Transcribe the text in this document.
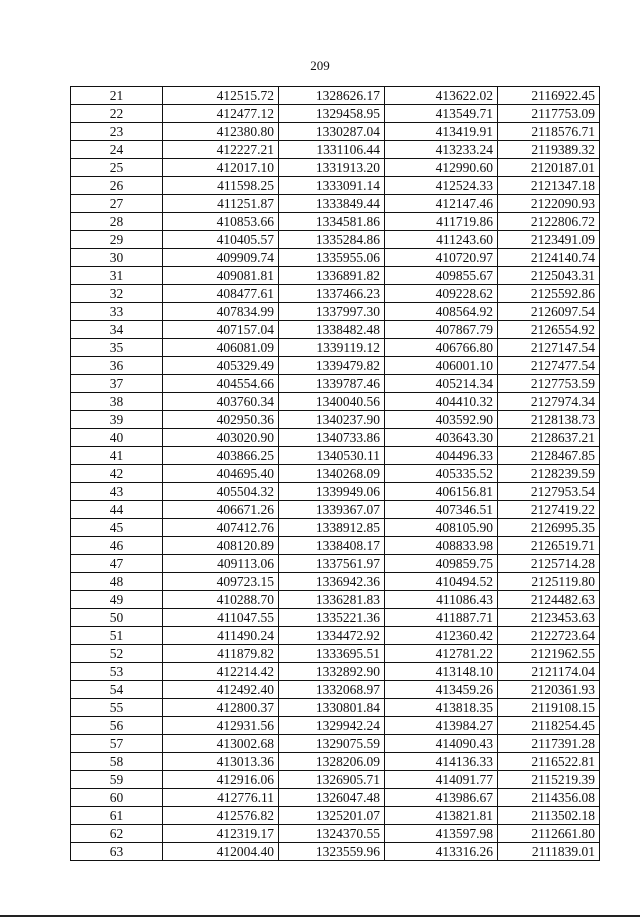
209
21	412515.72	1328626.17	413622.02	2116922.45
22	412477.12	1329458.95	413549.71	2117753.09
23	412380.80	1330287.04	413419.91	2118576.71
24	412227.21	1331106.44	413233.24	2119389.32
25	412017.10	1331913.20	412990.60	2120187.01
26	411598.25	1333091.14	412524.33	2121347.18
27	411251.87	1333849.44	412147.46	2122090.93
28	410853.66	1334581.86	411719.86	2122806.72
29	410405.57	1335284.86	411243.60	2123491.09
30	409909.74	1335955.06	410720.97	2124140.74
31	409081.81	1336891.82	409855.67	2125043.31
32	408477.61	1337466.23	409228.62	2125592.86
33	407834.99	1337997.30	408564.92	2126097.54
34	407157.04	1338482.48	407867.79	2126554.92
35	406081.09	1339119.12	406766.80	2127147.54
36	405329.49	1339479.82	406001.10	2127477.54
37	404554.66	1339787.46	405214.34	2127753.59
38	403760.34	1340040.56	404410.32	2127974.34
39	402950.36	1340237.90	403592.90	2128138.73
40	403020.90	1340733.86	403643.30	2128637.21
41	403866.25	1340530.11	404496.33	2128467.85
42	404695.40	1340268.09	405335.52	2128239.59
43	405504.32	1339949.06	406156.81	2127953.54
44	406671.26	1339367.07	407346.51	2127419.22
45	407412.76	1338912.85	408105.90	2126995.35
46	408120.89	1338408.17	408833.98	2126519.71
47	409113.06	1337561.97	409859.75	2125714.28
48	409723.15	1336942.36	410494.52	2125119.80
49	410288.70	1336281.83	411086.43	2124482.63
50	411047.55	1335221.36	411887.71	2123453.63
51	411490.24	1334472.92	412360.42	2122723.64
52	411879.82	1333695.51	412781.22	2121962.55
53	412214.42	1332892.90	413148.10	2121174.04
54	412492.40	1332068.97	413459.26	2120361.93
55	412800.37	1330801.84	413818.35	2119108.15
56	412931.56	1329942.24	413984.27	2118254.45
57	413002.68	1329075.59	414090.43	2117391.28
58	413013.36	1328206.09	414136.33	2116522.81
59	412916.06	1326905.71	414091.77	2115219.39
60	412776.11	1326047.48	413986.67	2114356.08
61	412576.82	1325201.07	413821.81	2113502.18
62	412319.17	1324370.55	413597.98	2112661.80
63	412004.40	1323559.96	413316.26	2111839.01
